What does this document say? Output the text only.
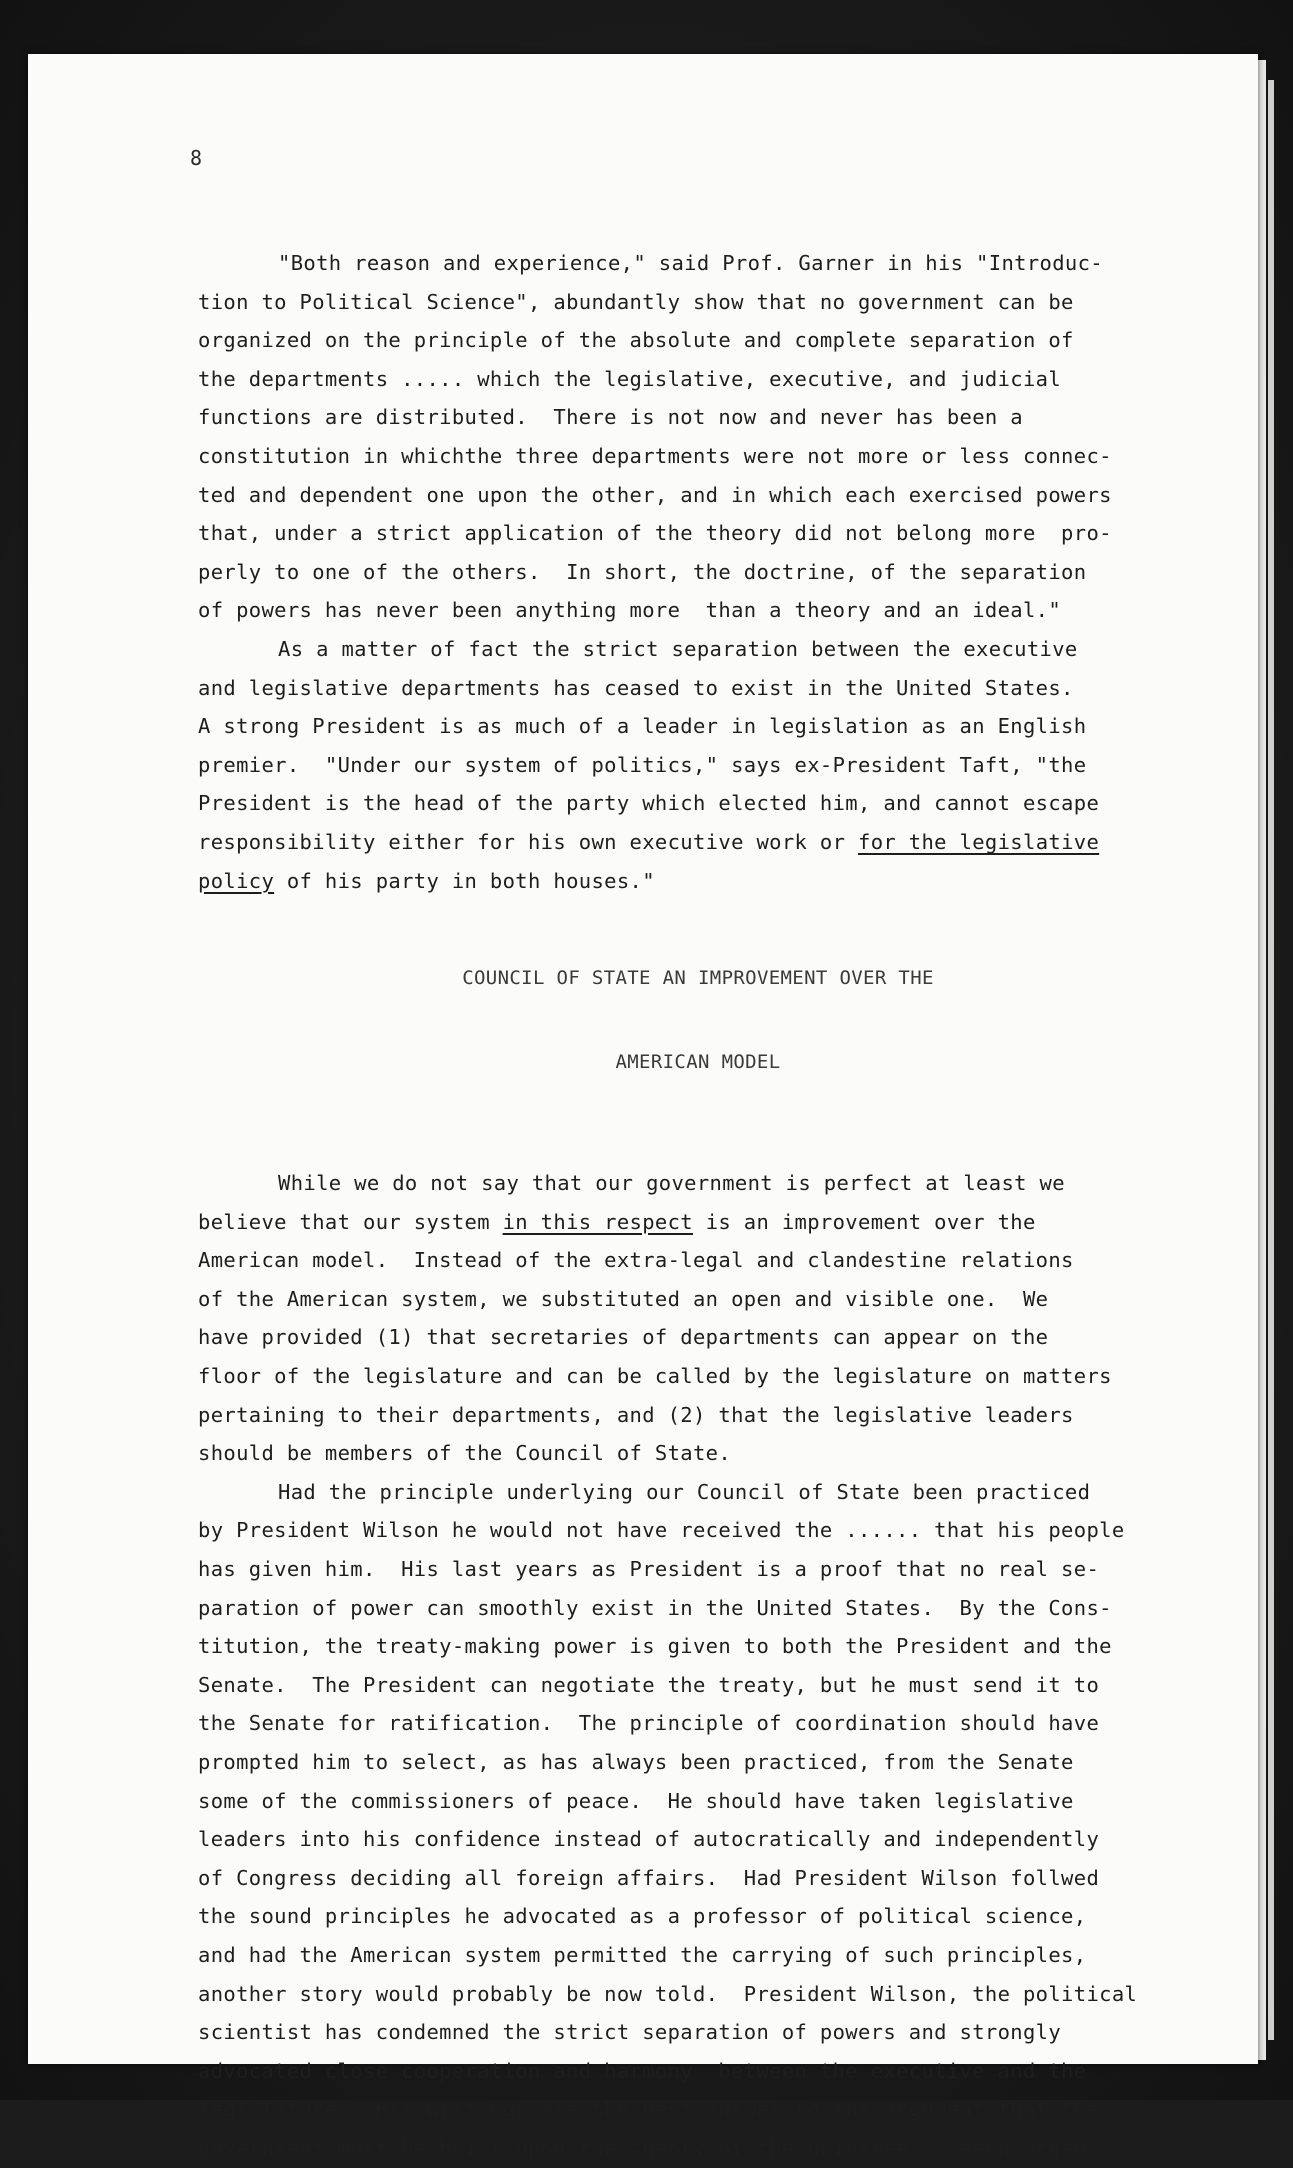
8
"Both reason and experience," said Prof. Garner in his "Introduc-
tion to Political Science", abundantly show that no government can be
organized on the principle of the absolute and complete separation of
the departments ..... which the legislative, executive, and judicial
functions are distributed.  There is not now and never has been a
constitution in whichthe three departments were not more or less connec-
ted and dependent one upon the other, and in which each exercised powers
that, under a strict application of the theory did not belong more  pro-
perly to one of the others.  In short, the doctrine, of the separation
of powers has never been anything more  than a theory and an ideal."
As a matter of fact the strict separation between the executive
and legislative departments has ceased to exist in the United States.
A strong President is as much of a leader in legislation as an English
premier.  "Under our system of politics," says ex-President Taft, "the
President is the head of the party which elected him, and cannot escape
responsibility either for his own executive work or for the legislative
policy of his party in both houses."

COUNCIL OF STATE AN IMPROVEMENT OVER THE

AMERICAN MODEL

While we do not say that our government is perfect at least we
believe that our system in this respect is an improvement over the
American model.  Instead of the extra-legal and clandestine relations
of the American system, we substituted an open and visible one.  We
have provided (1) that secretaries of departments can appear on the
floor of the legislature and can be called by the legislature on matters
pertaining to their departments, and (2) that the legislative leaders
should be members of the Council of State.
Had the principle underlying our Council of State been practiced
by President Wilson he would not have received the ...... that his people
has given him.  His last years as President is a proof that no real se-
paration of power can smoothly exist in the United States.  By the Cons-
titution, the treaty-making power is given to both the President and the
Senate.  The President can negotiate the treaty, but he must send it to
the Senate for ratification.  The principle of coordination should have
prompted him to select, as has always been practiced, from the Senate
some of the commissioners of peace.  He should have taken legislative
leaders into his confidence instead of autocratically and independently
of Congress deciding all foreign affairs.  Had President Wilson follwed
the sound principles he advocated as a professor of political science,
and had the American system permitted the carrying of such principles,
another story would probably be now told.  President Wilson, the political
scientist has condemned the strict separation of powers and strongly
advocated close cooperation and harmony  between the executive and the
legislature.  His writings are the best answer to the argument that the
government must be built upon the theory of the universe -- each organ
